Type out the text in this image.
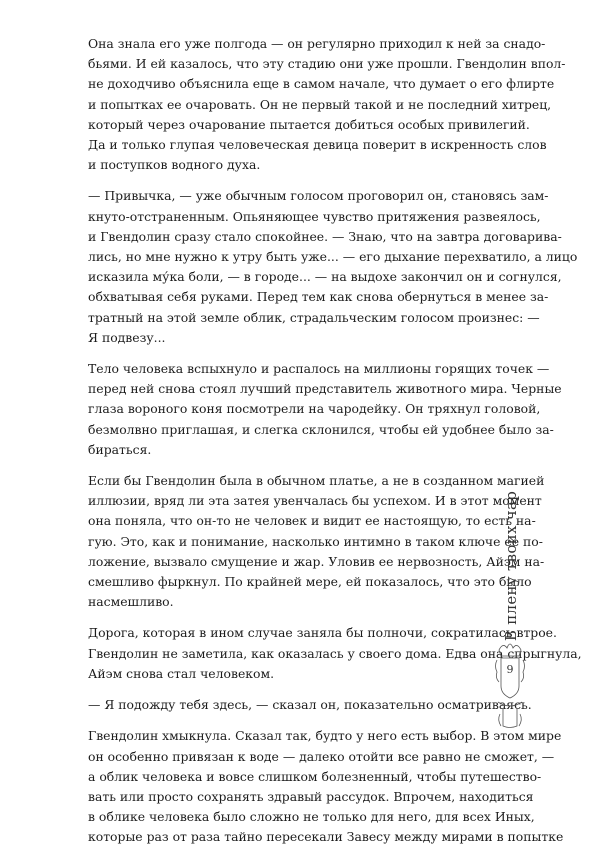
Она знала его уже полгода — он регулярно приходил к ней за снадо-
бьями. И ей казалось, что эту стадию они уже прошли. Гвендолин впол-
не доходчиво объяснила еще в самом начале, что думает о его флирте
и попытках ее очаровать. Он не первый такой и не последний хитрец,
который через очарование пытается добиться особых привилегий.
Да и только глупая человеческая девица поверит в искренность слов
и поступков водного духа.

— Привычка, — уже обычным голосом проговорил он, становясь зам-
кнуто-отстраненным. Опьяняющее чувство притяжения развеялось,
и Гвендолин сразу стало спокойнее. — Знаю, что на завтра договарива-
лись, но мне нужно к утру быть уже... — его дыхание перехватило, а лицо
исказила му́ка боли, — в городе... — на выдохе закончил он и согнулся,
обхватывая себя руками. Перед тем как снова обернуться в менее за-
тратный на этой земле облик, страдальческим голосом произнес: —
Я подвезу...

Тело человека вспыхнуло и распалось на миллионы горящих точек —
перед ней снова стоял лучший представитель животного мира. Черные
глаза вороного коня посмотрели на чародейку. Он тряхнул головой,
безмолвно приглашая, и слегка склонился, чтобы ей удобнее было за-
бираться.

Если бы Гвендолин была в обычном платье, а не в созданном магией
иллюзии, вряд ли эта затея увенчалась бы успехом. И в этот момент
она поняла, что он-то не человек и видит ее настоящую, то есть на-
гую. Это, как и понимание, насколько интимно в таком ключе ее по-
ложение, вызвало смущение и жар. Уловив ее нервозность, Айэм на-
смешливо фыркнул. По крайней мере, ей показалось, что это было
насмешливо.

Дорога, которая в ином случае заняла бы полночи, сократилась втрое.
Гвендолин не заметила, как оказалась у своего дома. Едва она спрыгнула,
Айэм снова стал человеком.

— Я подожду тебя здесь, — сказал он, показательно осматриваясь.

Гвендолин хмыкнула. Сказал так, будто у него есть выбор. В этом мире
он особенно привязан к воде — далеко отойти все равно не сможет, —
а облик человека и вовсе слишком болезненный, чтобы путешество-
вать или просто сохранять здравый рассудок. Впрочем, находиться
в облике человека было сложно не только для него, для всех Иных,
которые раз от раза тайно пересекали Завесу между мирами в попытке

В плену твоих чар
9
